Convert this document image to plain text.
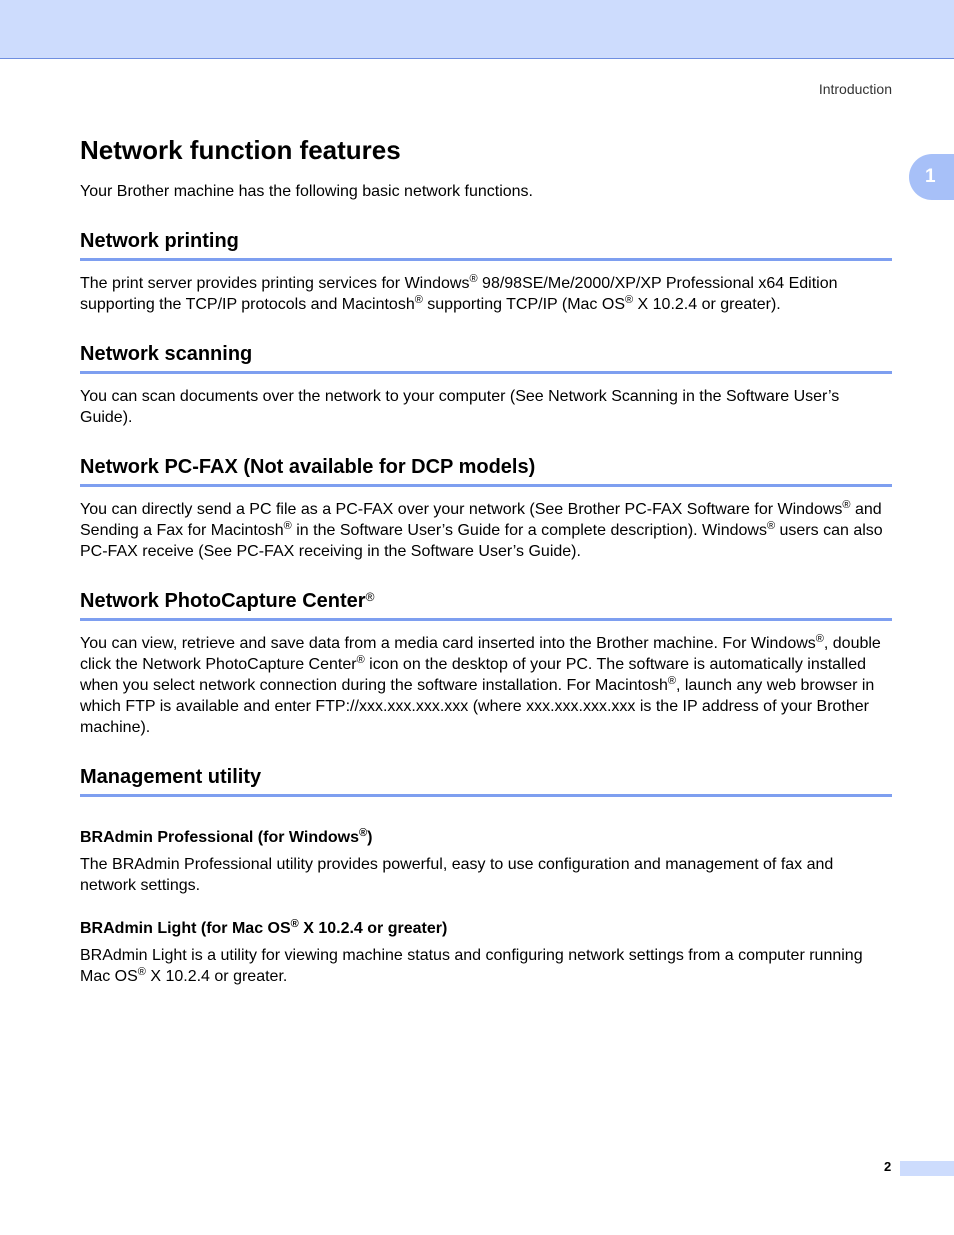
Introduction
1
Network function features

Your Brother machine has the following basic network functions.

Network printing

The print server provides printing services for Windows® 98/98SE/Me/2000/XP/XP Professional x64 Edition supporting the TCP/IP protocols and Macintosh® supporting TCP/IP (Mac OS® X 10.2.4 or greater).

Network scanning

You can scan documents over the network to your computer (See Network Scanning in the Software User’s Guide).

Network PC-FAX (Not available for DCP models)

You can directly send a PC file as a PC-FAX over your network (See Brother PC-FAX Software for Windows® and Sending a Fax for Macintosh® in the Software User’s Guide for a complete description). Windows® users can also PC-FAX receive (See PC-FAX receiving in the Software User’s Guide).

Network PhotoCapture Center®

You can view, retrieve and save data from a media card inserted into the Brother machine. For Windows®, double click the Network PhotoCapture Center® icon on the desktop of your PC. The software is automatically installed when you select network connection during the software installation. For Macintosh®, launch any web browser in which FTP is available and enter FTP://xxx.xxx.xxx.xxx (where xxx.xxx.xxx.xxx is the IP address of your Brother machine).

Management utility
BRAdmin Professional (for Windows®)

The BRAdmin Professional utility provides powerful, easy to use configuration and management of fax and network settings.

BRAdmin Light (for Mac OS® X 10.2.4 or greater)

BRAdmin Light is a utility for viewing machine status and configuring network settings from a computer running Mac OS® X 10.2.4 or greater.

2
